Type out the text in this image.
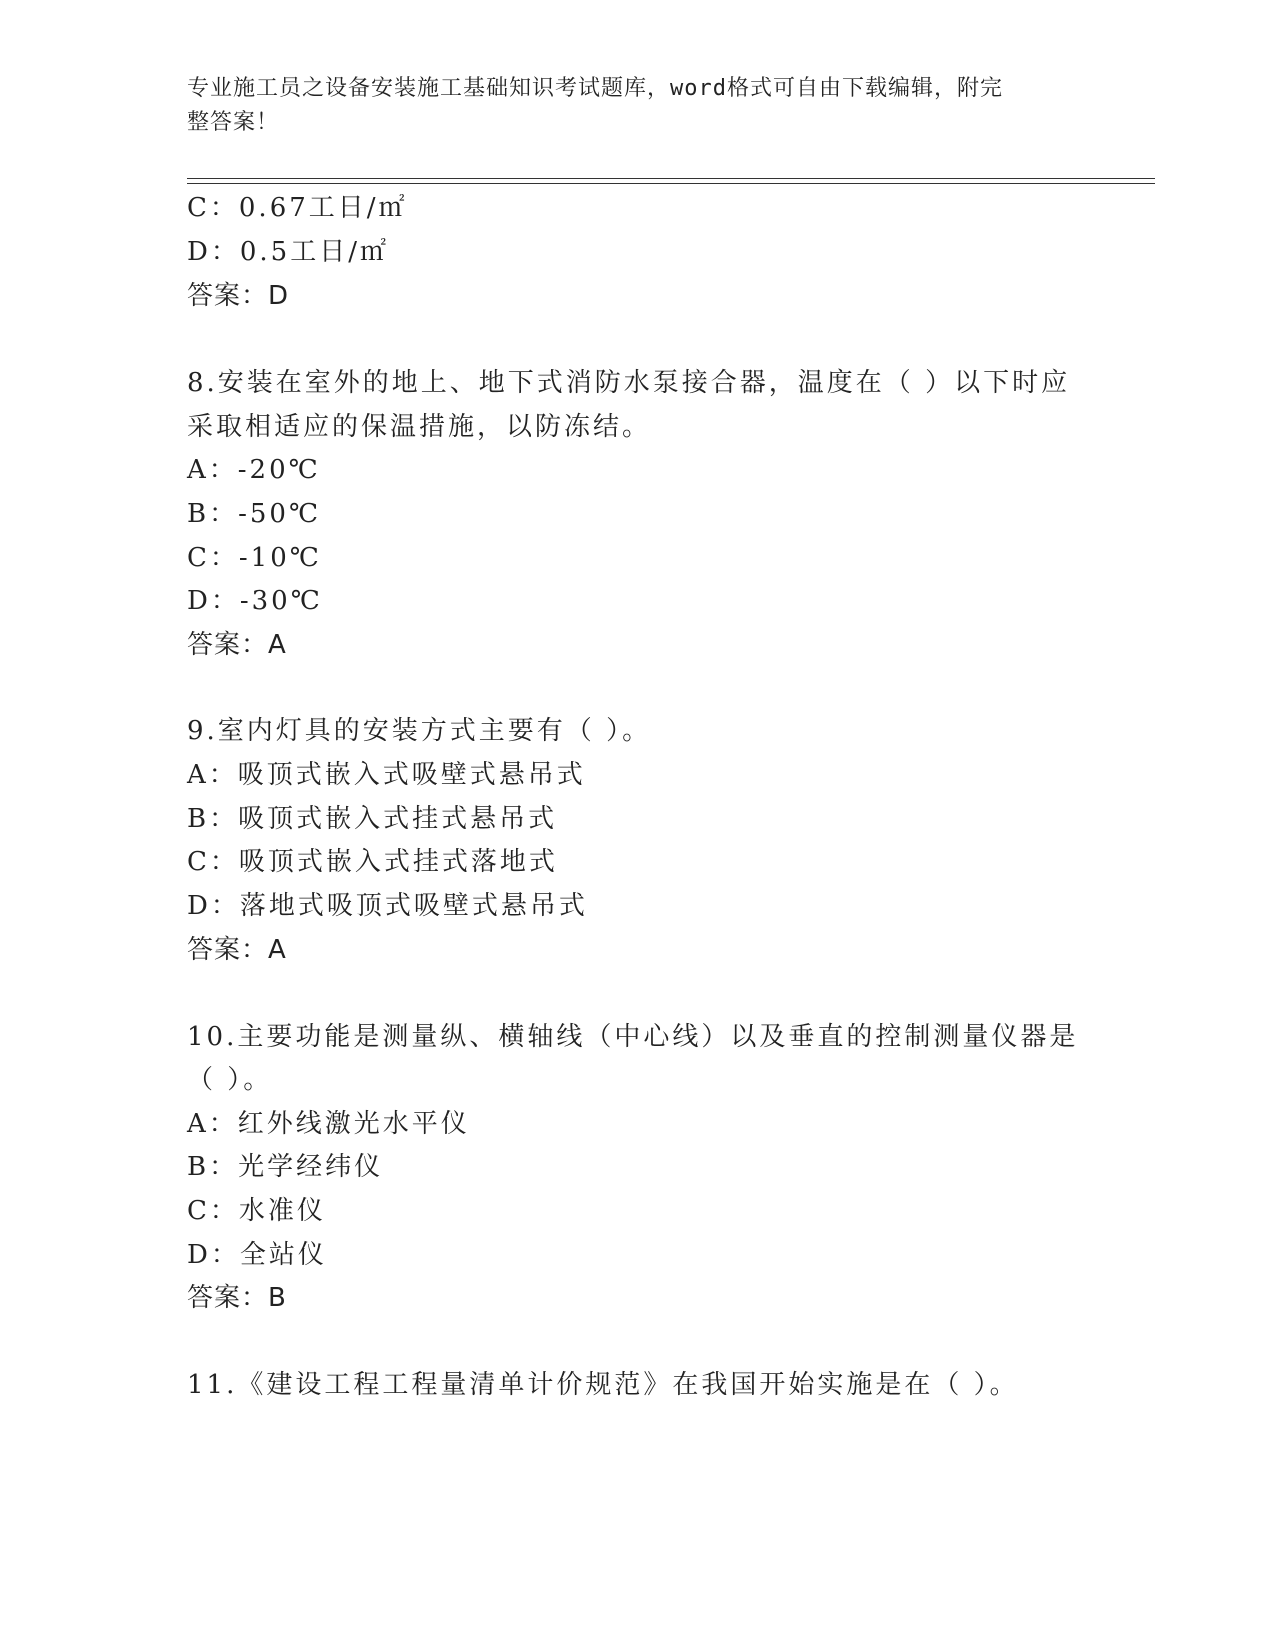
专业施工员之设备安装施工基础知识考试题库，word格式可自由下载编辑，附完
整答案！
C：0.67工日/㎡
D：0.5工日/㎡
答案：D
8.安装在室外的地上、地下式消防水泵接合器，温度在（ ）以下时应
采取相适应的保温措施，以防冻结。
A：-20℃
B：-50℃
C：-10℃
D：-30℃
答案：A
9.室内灯具的安装方式主要有（ ）。
A：吸顶式嵌入式吸壁式悬吊式
B：吸顶式嵌入式挂式悬吊式
C：吸顶式嵌入式挂式落地式
D：落地式吸顶式吸壁式悬吊式
答案：A
10.主要功能是测量纵、横轴线（中心线）以及垂直的控制测量仪器是
（ ）。
A：红外线激光水平仪
B：光学经纬仪
C：水准仪
D：全站仪
答案：B
11.《建设工程工程量清单计价规范》在我国开始实施是在（ ）。
